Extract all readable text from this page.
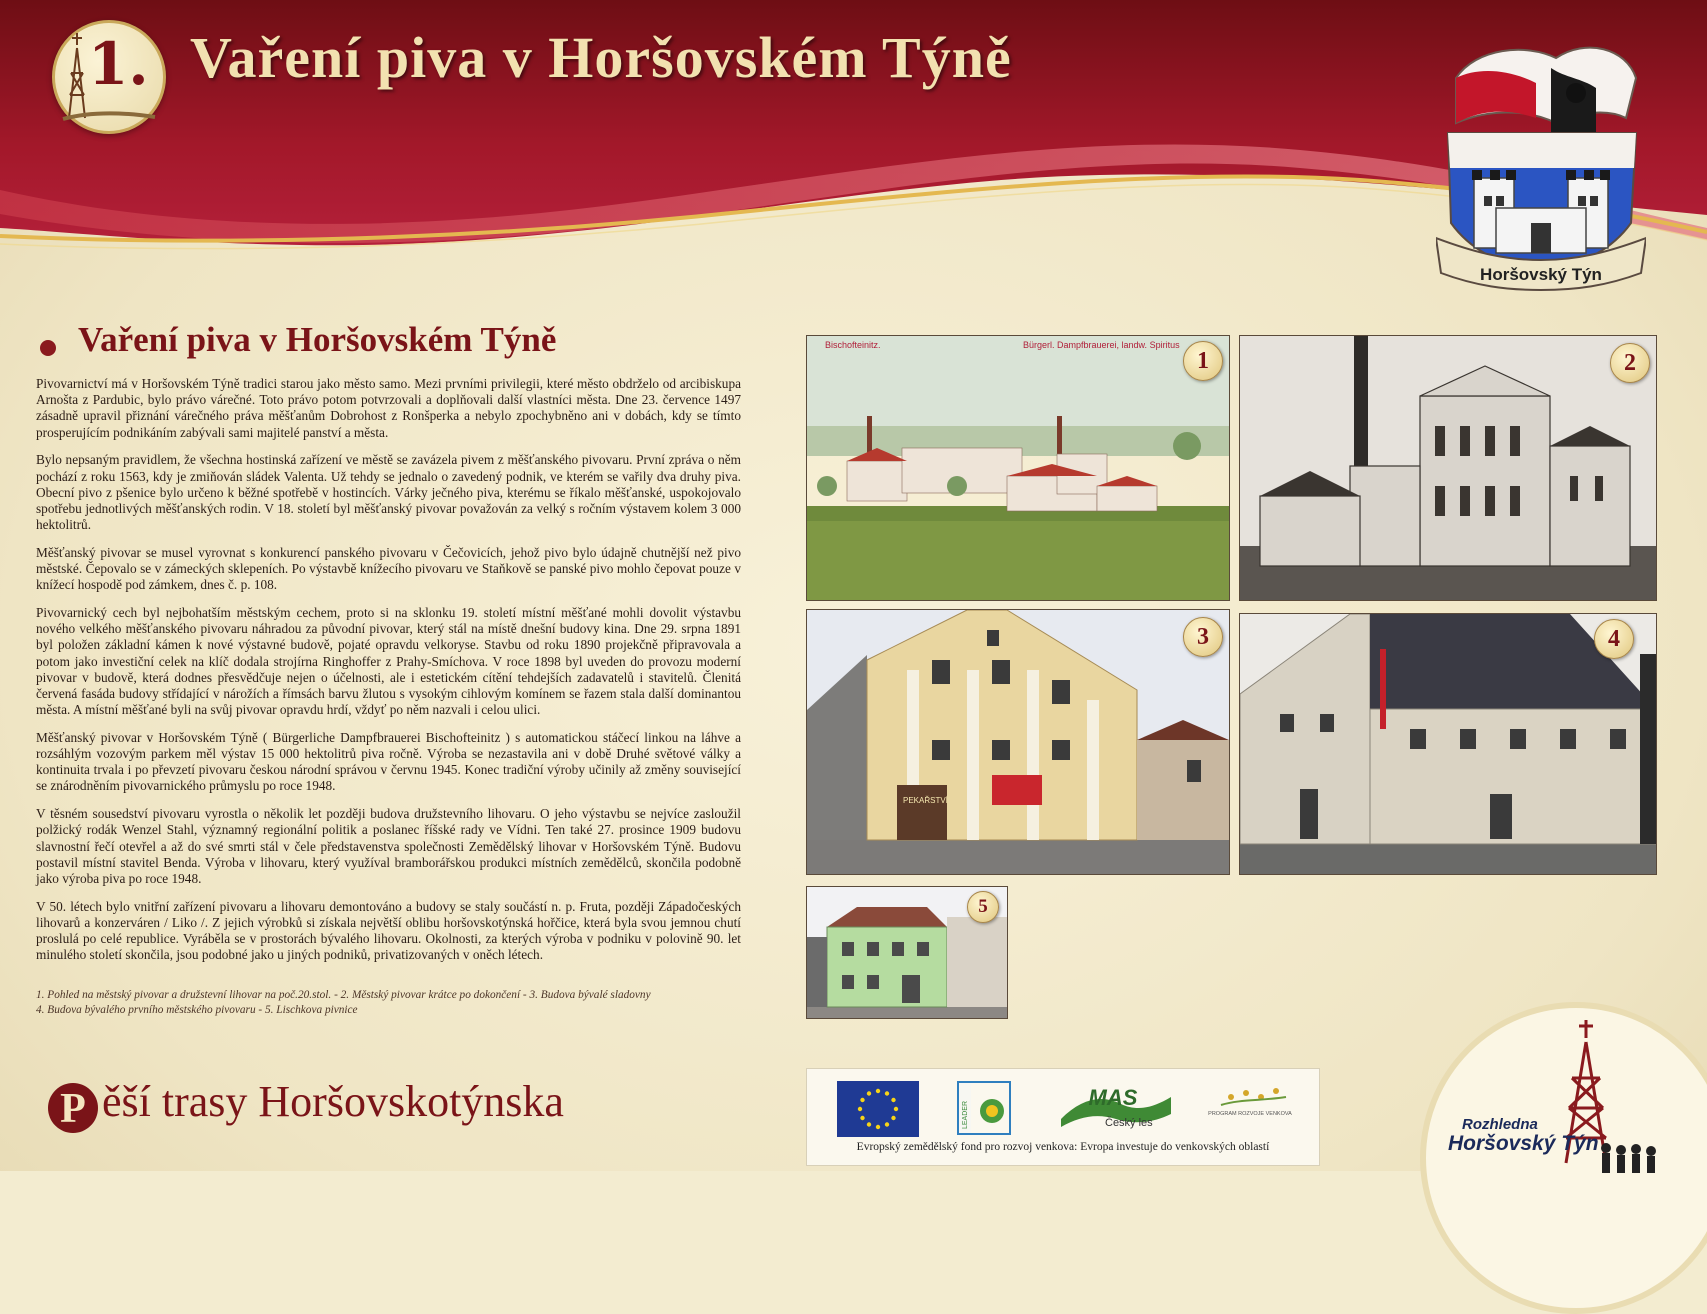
1. Vaření piva v Horšovském Týně
Horšovský Týn
Vaření piva v Horšovském Týně

Pivovarnictví má v Horšovském Týně tradici starou jako město samo. Mezi prvními privilegii, které město obdrželo od arcibiskupa Arnošta z Pardubic, bylo právo várečné. Toto právo potom potvrzovali a doplňovali další vlastníci města. Dne 23. července 1497 zásadně upravil přiznání várečného práva měšťanům Dobrohost z Ronšperka a nebylo zpochybněno ani v dobách, kdy se tímto prosperujícím podnikáním zabývali sami majitelé panství a města.

Bylo nepsaným pravidlem, že všechna hostinská zařízení ve městě se zavázela pivem z měšťanského pivovaru. První zpráva o něm pochází z roku 1563, kdy je zmiňován sládek Valenta. Už tehdy se jednalo o zavedený podnik, ve kterém se vařily dva druhy piva. Obecní pivo z pšenice bylo určeno k běžné spotřebě v hostincích. Várky ječného piva, kterému se říkalo měšťanské, uspokojovalo spotřebu jednotlivých měšťanských rodin. V 18. století byl měšťanský pivovar považován za velký s ročním výstavem kolem 3 000 hektolitrů.

Měšťanský pivovar se musel vyrovnat s konkurencí panského pivovaru v Čečovicích, jehož pivo bylo údajně chutnější než pivo městské. Čepovalo se v zámeckých sklepeních. Po výstavbě knížecího pivovaru ve Staňkově se panské pivo mohlo čepovat pouze v knížecí hospodě pod zámkem, dnes č. p. 108.

Pivovarnický cech byl nejbohatším městským cechem, proto si na sklonku 19. století místní měšťané mohli dovolit výstavbu nového velkého měšťanského pivovaru náhradou za původní pivovar, který stál na místě dnešní budovy kina. Dne 29. srpna 1891 byl položen základní kámen k nové výstavné budově, pojaté opravdu velkoryse. Stavbu od roku 1890 projekčně připravovala a potom jako investiční celek na klíč dodala strojírna Ringhoffer z Prahy-Smíchova. V roce 1898 byl uveden do provozu moderní pivovar v budově, která dodnes přesvědčuje nejen o účelnosti, ale i estetickém cítění tehdejších zadavatelů i stavitelů. Členitá červená fasáda budovy střídající v nárožích a římsách barvu žlutou s vysokým cihlovým komínem se řazem stala další dominantou města. A místní měšťané byli na svůj pivovar opravdu hrdí, vždyť po něm nazvali i celou ulici.

Měšťanský pivovar v Horšovském Týně ( Bürgerliche Dampfbrauerei Bischofteinitz ) s automatickou stáčecí linkou na láhve a rozsáhlým vozovým parkem měl výstav 15 000 hektolitrů piva ročně. Výroba se nezastavila ani v době Druhé světové války a kontinuita trvala i po převzetí pivovaru českou národní správou v červnu 1945. Konec tradiční výroby učinily až změny související se znárodněním pivovarnického průmyslu po roce 1948.

V těsném sousedství pivovaru vyrostla o několik let později budova družstevního lihovaru. O jeho výstavbu se nejvíce zasloužil polžický rodák Wenzel Stahl, významný regionální politik a poslanec říšské rady ve Vídni. Ten také 27. prosince 1909 budovu slavnostní řečí otevřel a až do své smrti stál v čele představenstva společnosti Zemědělský lihovar v Horšovském Týně. Budovu postavil místní stavitel Benda. Výroba v lihovaru, který využíval bramborářskou produkci místních zemědělců, skončila podobně jako výroba piva po roce 1948.

V 50. létech bylo vnitřní zařízení pivovaru a lihovaru demontováno a budovy se staly součástí n. p. Fruta, později Západočeských lihovarů a konzerváren / Liko /. Z jejich výrobků si získala největší oblibu horšovskotýnská hořčice, která byla svou jemnou chutí proslulá po celé republice. Vyráběla se v prostorách bývalého lihovaru. Okolnosti, za kterých výroba v podniku v polovině 90. let minulého století skončila, jsou podobné jako u jiných podniků, privatizovaných v oněch létech.

1. Pohled na městský pivovar a družstevní lihovar na poč.20.stol. - 2. Městský pivovar krátce po dokončení - 3. Budova bývalé sladovny
4. Budova bývalého prvního městského pivovaru - 5. Lischkova pivnice
Bischofteinitz.	Bürgerl. Dampfbrauerei, landw. Spiritus
1	2
PEKAŘSTVÍ
3	4
5
P ěší trasy Horšovskotýnska	LEADER
MAS
Český les
PROGRAM ROZVOJE VENKOVA
Evropský zemědělský fond pro rozvoj venkova: Evropa investuje do venkovských oblastí
Rozhledna
Horšovský Týn
